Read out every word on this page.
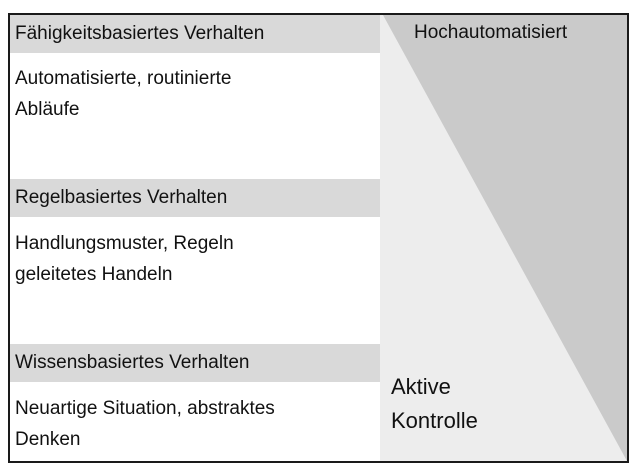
Fähigkeitsbasiertes Verhalten
Automatisierte, routinierte
Abläufe
Regelbasiertes Verhalten
Handlungsmuster, Regeln
geleitetes Handeln
Wissensbasiertes Verhalten
Neuartige Situation, abstraktes
Denken
Hochautomatisiert
Aktive
Kontrolle
